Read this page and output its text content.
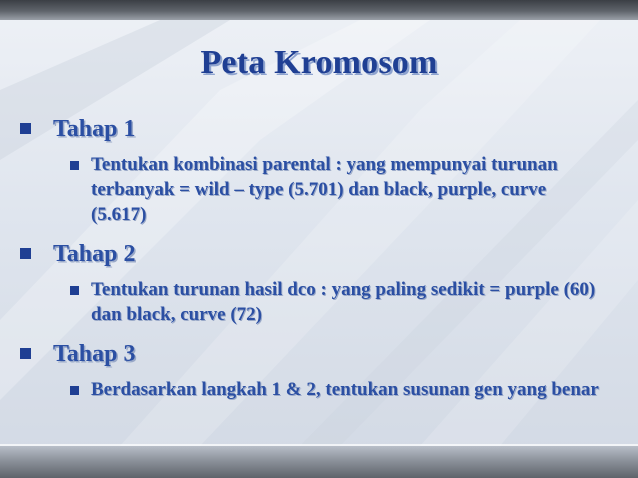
Peta Kromosom
Tahap 1
Tentukan kombinasi parental : yang mempunyai turunan terbanyak = wild – type (5.701) dan black, purple, curve (5.617)
Tahap 2
Tentukan turunan hasil dco : yang paling sedikit = purple (60) dan black, curve (72)
Tahap 3
Berdasarkan langkah 1 & 2, tentukan susunan gen yang benar
